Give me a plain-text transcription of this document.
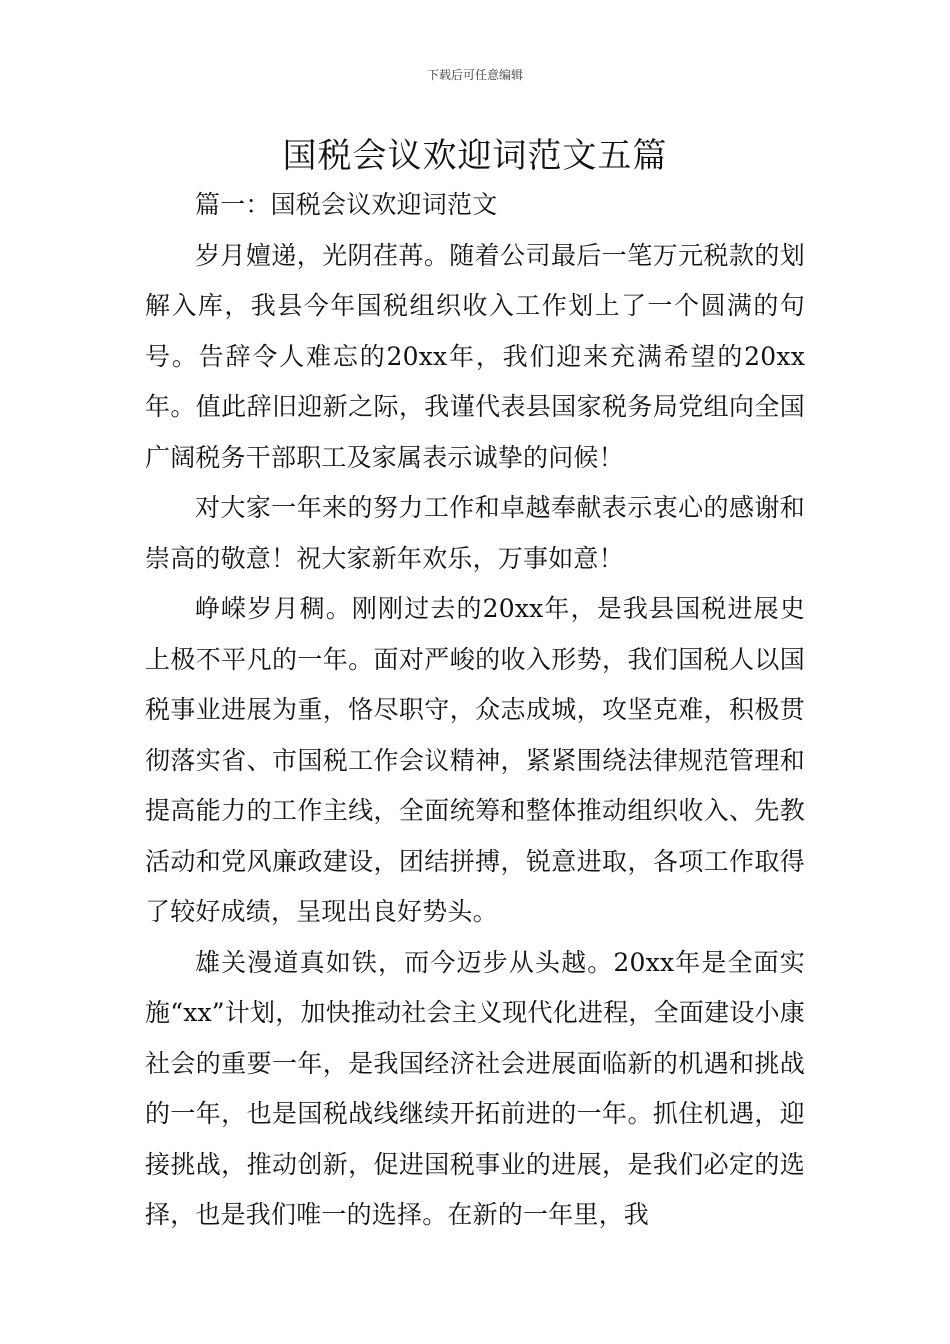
下载后可任意编辑
国税会议欢迎词范文五篇

篇一：国税会议欢迎词范文

岁月嬗递，光阴荏苒。随着公司最后一笔万元税款的划解入库，我县今年国税组织收入工作划上了一个圆满的句号。告辞令人难忘的20xx年，我们迎来充满希望的20xx年。值此辞旧迎新之际，我谨代表县国家税务局党组向全国广阔税务干部职工及家属表示诚挚的问候！

对大家一年来的努力工作和卓越奉献表示衷心的感谢和崇高的敬意！祝大家新年欢乐，万事如意！

峥嵘岁月稠。刚刚过去的20xx年，是我县国税进展史上极不平凡的一年。面对严峻的收入形势，我们国税人以国税事业进展为重，恪尽职守，众志成城，攻坚克难，积极贯彻落实省、市国税工作会议精神，紧紧围绕法律规范管理和提高能力的工作主线，全面统筹和整体推动组织收入、先教活动和党风廉政建设，团结拼搏，锐意进取，各项工作取得了较好成绩，呈现出良好势头。

雄关漫道真如铁，而今迈步从头越。20xx年是全面实施“xx”计划，加快推动社会主义现代化进程，全面建设小康社会的重要一年，是我国经济社会进展面临新的机遇和挑战的一年，也是国税战线继续开拓前进的一年。抓住机遇，迎接挑战，推动创新，促进国税事业的进展，是我们必定的选择，也是我们唯一的选择。在新的一年里，我
